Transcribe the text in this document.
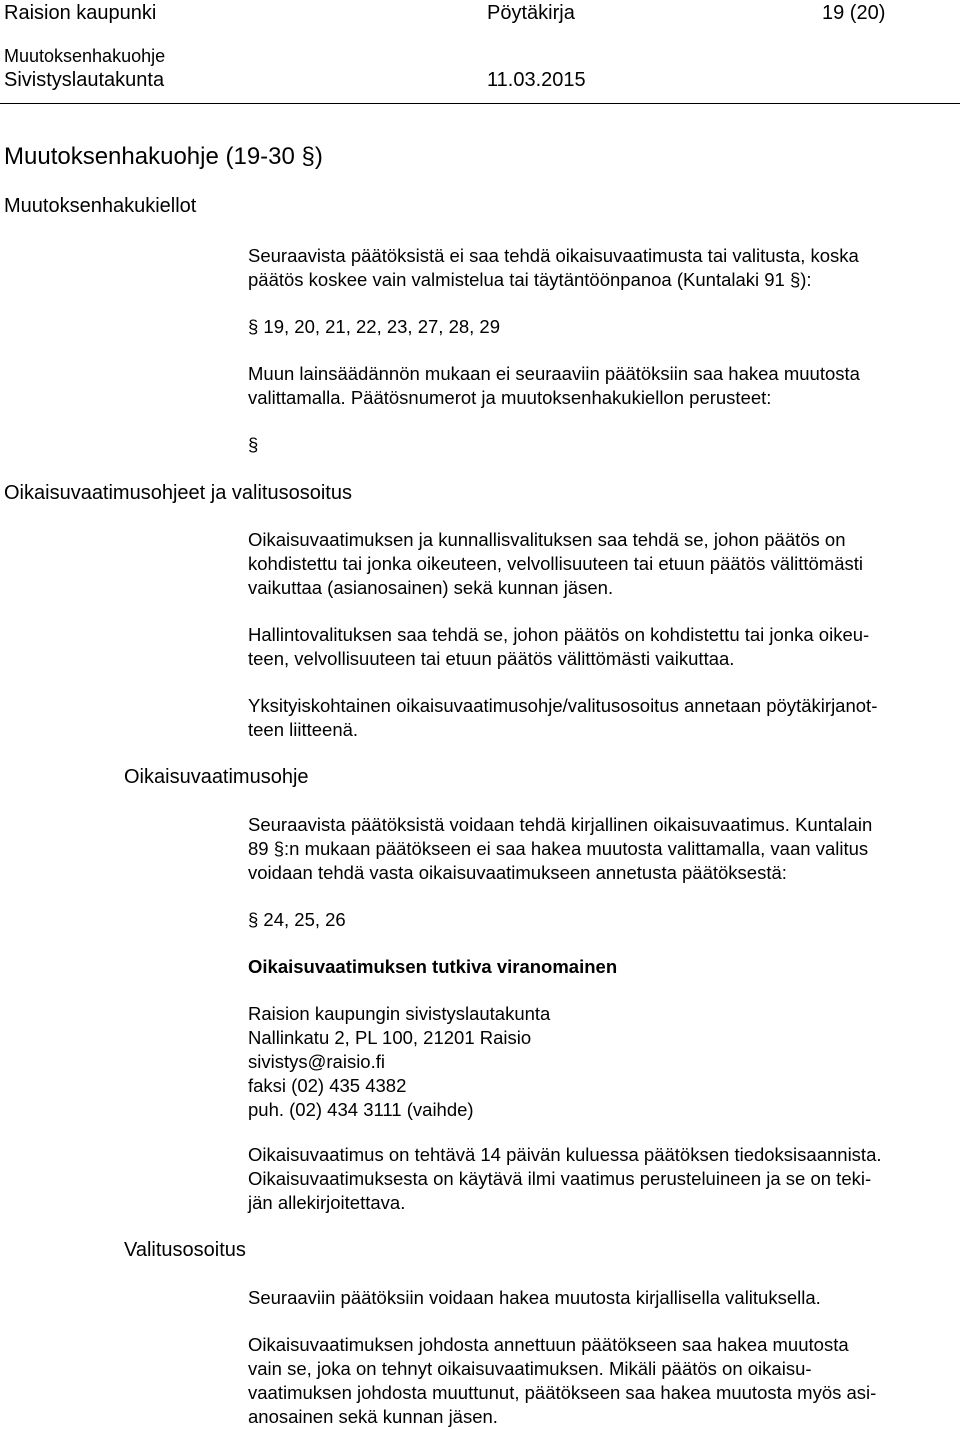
Raision kaupunki	Pöytäkirja	19 (20)
Muutoksenhakuohje
Sivistyslautakunta	11.03.2015
Muutoksenhakuohje (19-30 §)
Muutoksenhakukiellot
Seuraavista päätöksistä ei saa tehdä oikaisuvaatimusta tai valitusta, koska
päätös koskee vain valmistelua tai täytäntöönpanoa (Kuntalaki 91 §):
§ 19, 20, 21, 22, 23, 27, 28, 29
Muun lainsäädännön mukaan ei seuraaviin päätöksiin saa hakea muutosta
valittamalla. Päätösnumerot ja muutoksenhakukiellon perusteet:
§
Oikaisuvaatimusohjeet ja valitusosoitus
Oikaisuvaatimuksen ja kunnallisvalituksen saa tehdä se, johon päätös on
kohdistettu tai jonka oikeuteen, velvollisuuteen tai etuun päätös välittömästi
vaikuttaa (asianosainen) sekä kunnan jäsen.
Hallintovalituksen saa tehdä se, johon päätös on kohdistettu tai jonka oikeu-
teen, velvollisuuteen tai etuun päätös välittömästi vaikuttaa.
Yksityiskohtainen oikaisuvaatimusohje/valitusosoitus annetaan pöytäkirjanot-
teen liitteenä.
Oikaisuvaatimusohje
Seuraavista päätöksistä voidaan tehdä kirjallinen oikaisuvaatimus. Kuntalain
89 §:n mukaan päätökseen ei saa hakea muutosta valittamalla, vaan valitus
voidaan tehdä vasta oikaisuvaatimukseen annetusta päätöksestä:
§ 24, 25, 26
Oikaisuvaatimuksen tutkiva viranomainen
Raision kaupungin sivistyslautakunta
Nallinkatu 2, PL 100, 21201 Raisio
sivistys@raisio.fi
faksi (02) 435 4382
puh. (02) 434 3111 (vaihde)
Oikaisuvaatimus on tehtävä 14 päivän kuluessa päätöksen tiedoksisaannista.
Oikaisuvaatimuksesta on käytävä ilmi vaatimus perusteluineen ja se on teki-
jän allekirjoitettava.
Valitusosoitus
Seuraaviin päätöksiin voidaan hakea muutosta kirjallisella valituksella.
Oikaisuvaatimuksen johdosta annettuun päätökseen saa hakea muutosta
vain se, joka on tehnyt oikaisuvaatimuksen. Mikäli päätös on oikaisu-
vaatimuksen johdosta muuttunut, päätökseen saa hakea muutosta myös asi-
anosainen sekä kunnan jäsen.
